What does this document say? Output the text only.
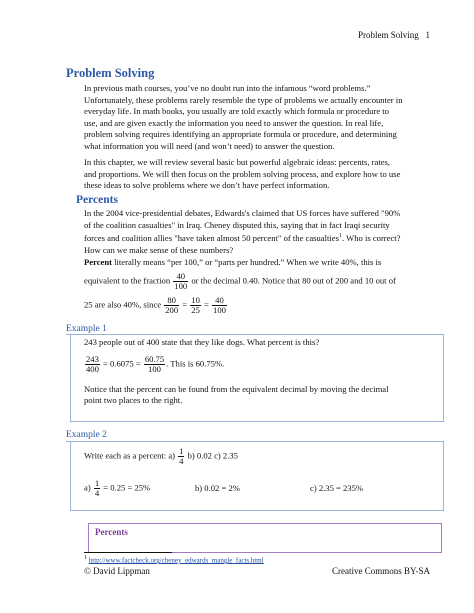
Problem Solving 1
Problem Solving
In previous math courses, you’ve no doubt run into the infamous “word problems.”
Unfortunately, these problems rarely resemble the type of problems we actually encounter in
everyday life. In math books, you usually are told exactly which formula or procedure to
use, and are given exactly the information you need to answer the question. In real life,
problem solving requires identifying an appropriate formula or procedure, and determining
what information you will need (and won’t need) to answer the question.
In this chapter, we will review several basic but powerful algebraic ideas: percents, rates,
and proportions. We will then focus on the problem solving process, and explore how to use
these ideas to solve problems where we don’t have perfect information.
Percents
In the 2004 vice-presidential debates, Edwards's claimed that US forces have suffered "90%
of the coalition casualties" in Iraq. Cheney disputed this, saying that in fact Iraqi security
forces and coalition allies "have taken almost 50 percent" of the casualties$^1$. Who is correct?
How can we make sense of these numbers?
Percent literally means “per 100,” or “parts per hundred.” When we write 40%, this is
equivalent to the fraction $\frac{40}{100}$ or the decimal 0.40. Notice that 80 out of 200 and 10 out of
25 are also 40%, since $\frac{80}{200} = \frac{10}{25} = \frac{40}{100}$
Example 1
243 people out of 400 state that they like dogs. What percent is this?
$\frac{243}{400} = 0.6075 = \frac{60.75}{100}$ . This is 60.75%.
Notice that the percent can be found from the equivalent decimal by moving the decimal
point two places to the right.
Example 2
Write each as a percent: $a) \frac{1}{4} b$) 0.02 c) 2.35
$a) \frac{1}{4} = 0.25 = 25\%$	b) 0.02 = 2%	c) 2.35 = 235%
Percents
$^1$ http://www.factcheck.org/cheney_edwards_mangle_facts.html
© David Lippman	Creative Commons BY-SA
